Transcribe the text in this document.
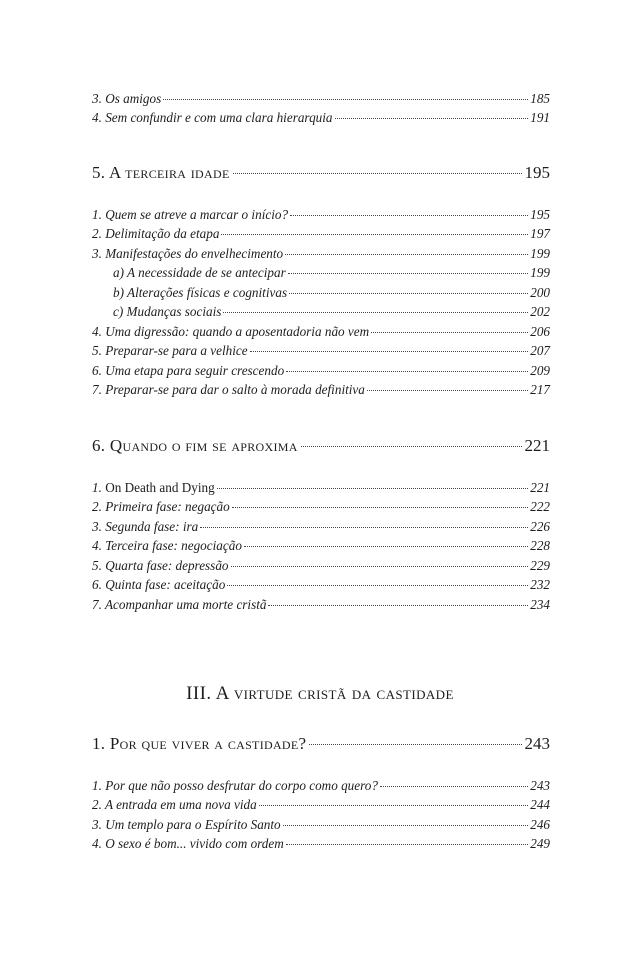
3. Os amigos	185
4. Sem confundir e com uma clara hierarquia	191
5. A terceira idade	195
1. Quem se atreve a marcar o início?	195
2. Delimitação da etapa	197
3. Manifestações do envelhecimento	199
a) A necessidade de se antecipar	199
b) Alterações físicas e cognitivas	200
c) Mudanças sociais	202
4. Uma digressão: quando a aposentadoria não vem	206
5. Preparar-se para a velhice	207
6. Uma etapa para seguir crescendo	209
7. Preparar-se para dar o salto à morada definitiva	217
6. Quando o fim se aproxima	221
1. On Death and Dying	221
2. Primeira fase: negação	222
3. Segunda fase: ira	226
4. Terceira fase: negociação	228
5. Quarta fase: depressão	229
6. Quinta fase: aceitação	232
7. Acompanhar uma morte cristã	234
III. A virtude cristã da castidade
1. Por que viver a castidade?	243
1. Por que não posso desfrutar do corpo como quero?	243
2. A entrada em uma nova vida	244
3. Um templo para o Espírito Santo	246
4. O sexo é bom... vivido com ordem	249
